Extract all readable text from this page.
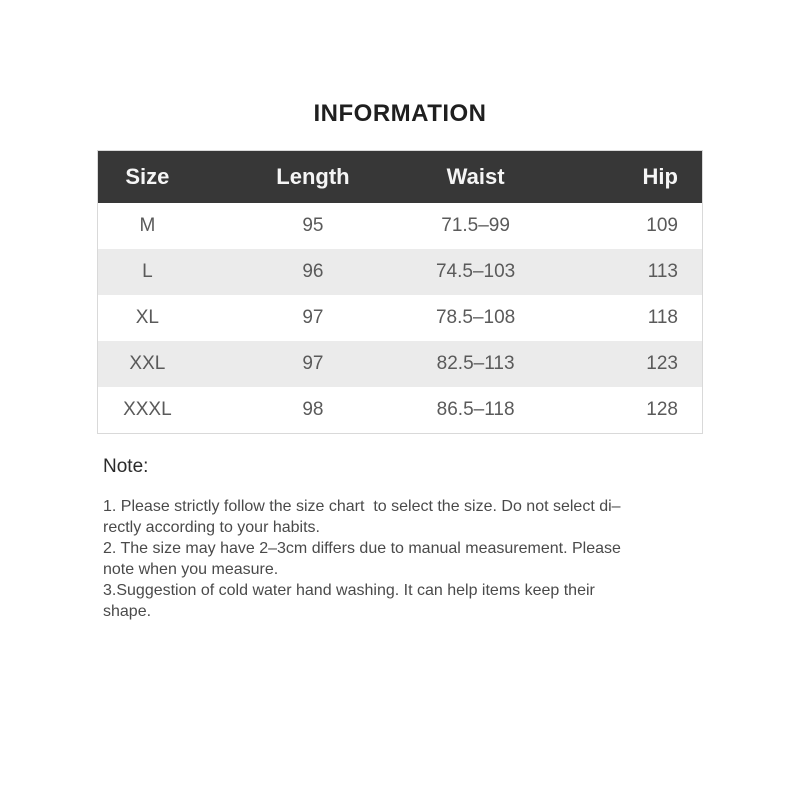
INFORMATION
Size	Length	Waist	Hip
M	95	71.5–99	109
L	96	74.5–103	113
XL	97	78.5–108	118
XXL	97	82.5–113	123
XXXL	98	86.5–118	128
Note:
1. Please strictly follow the size chart  to select the size. Do not select di–
rectly according to your habits.
2. The size may have 2–3cm differs due to manual measurement. Please
note when you measure.
3.Suggestion of cold water hand washing. It can help items keep their
shape.
